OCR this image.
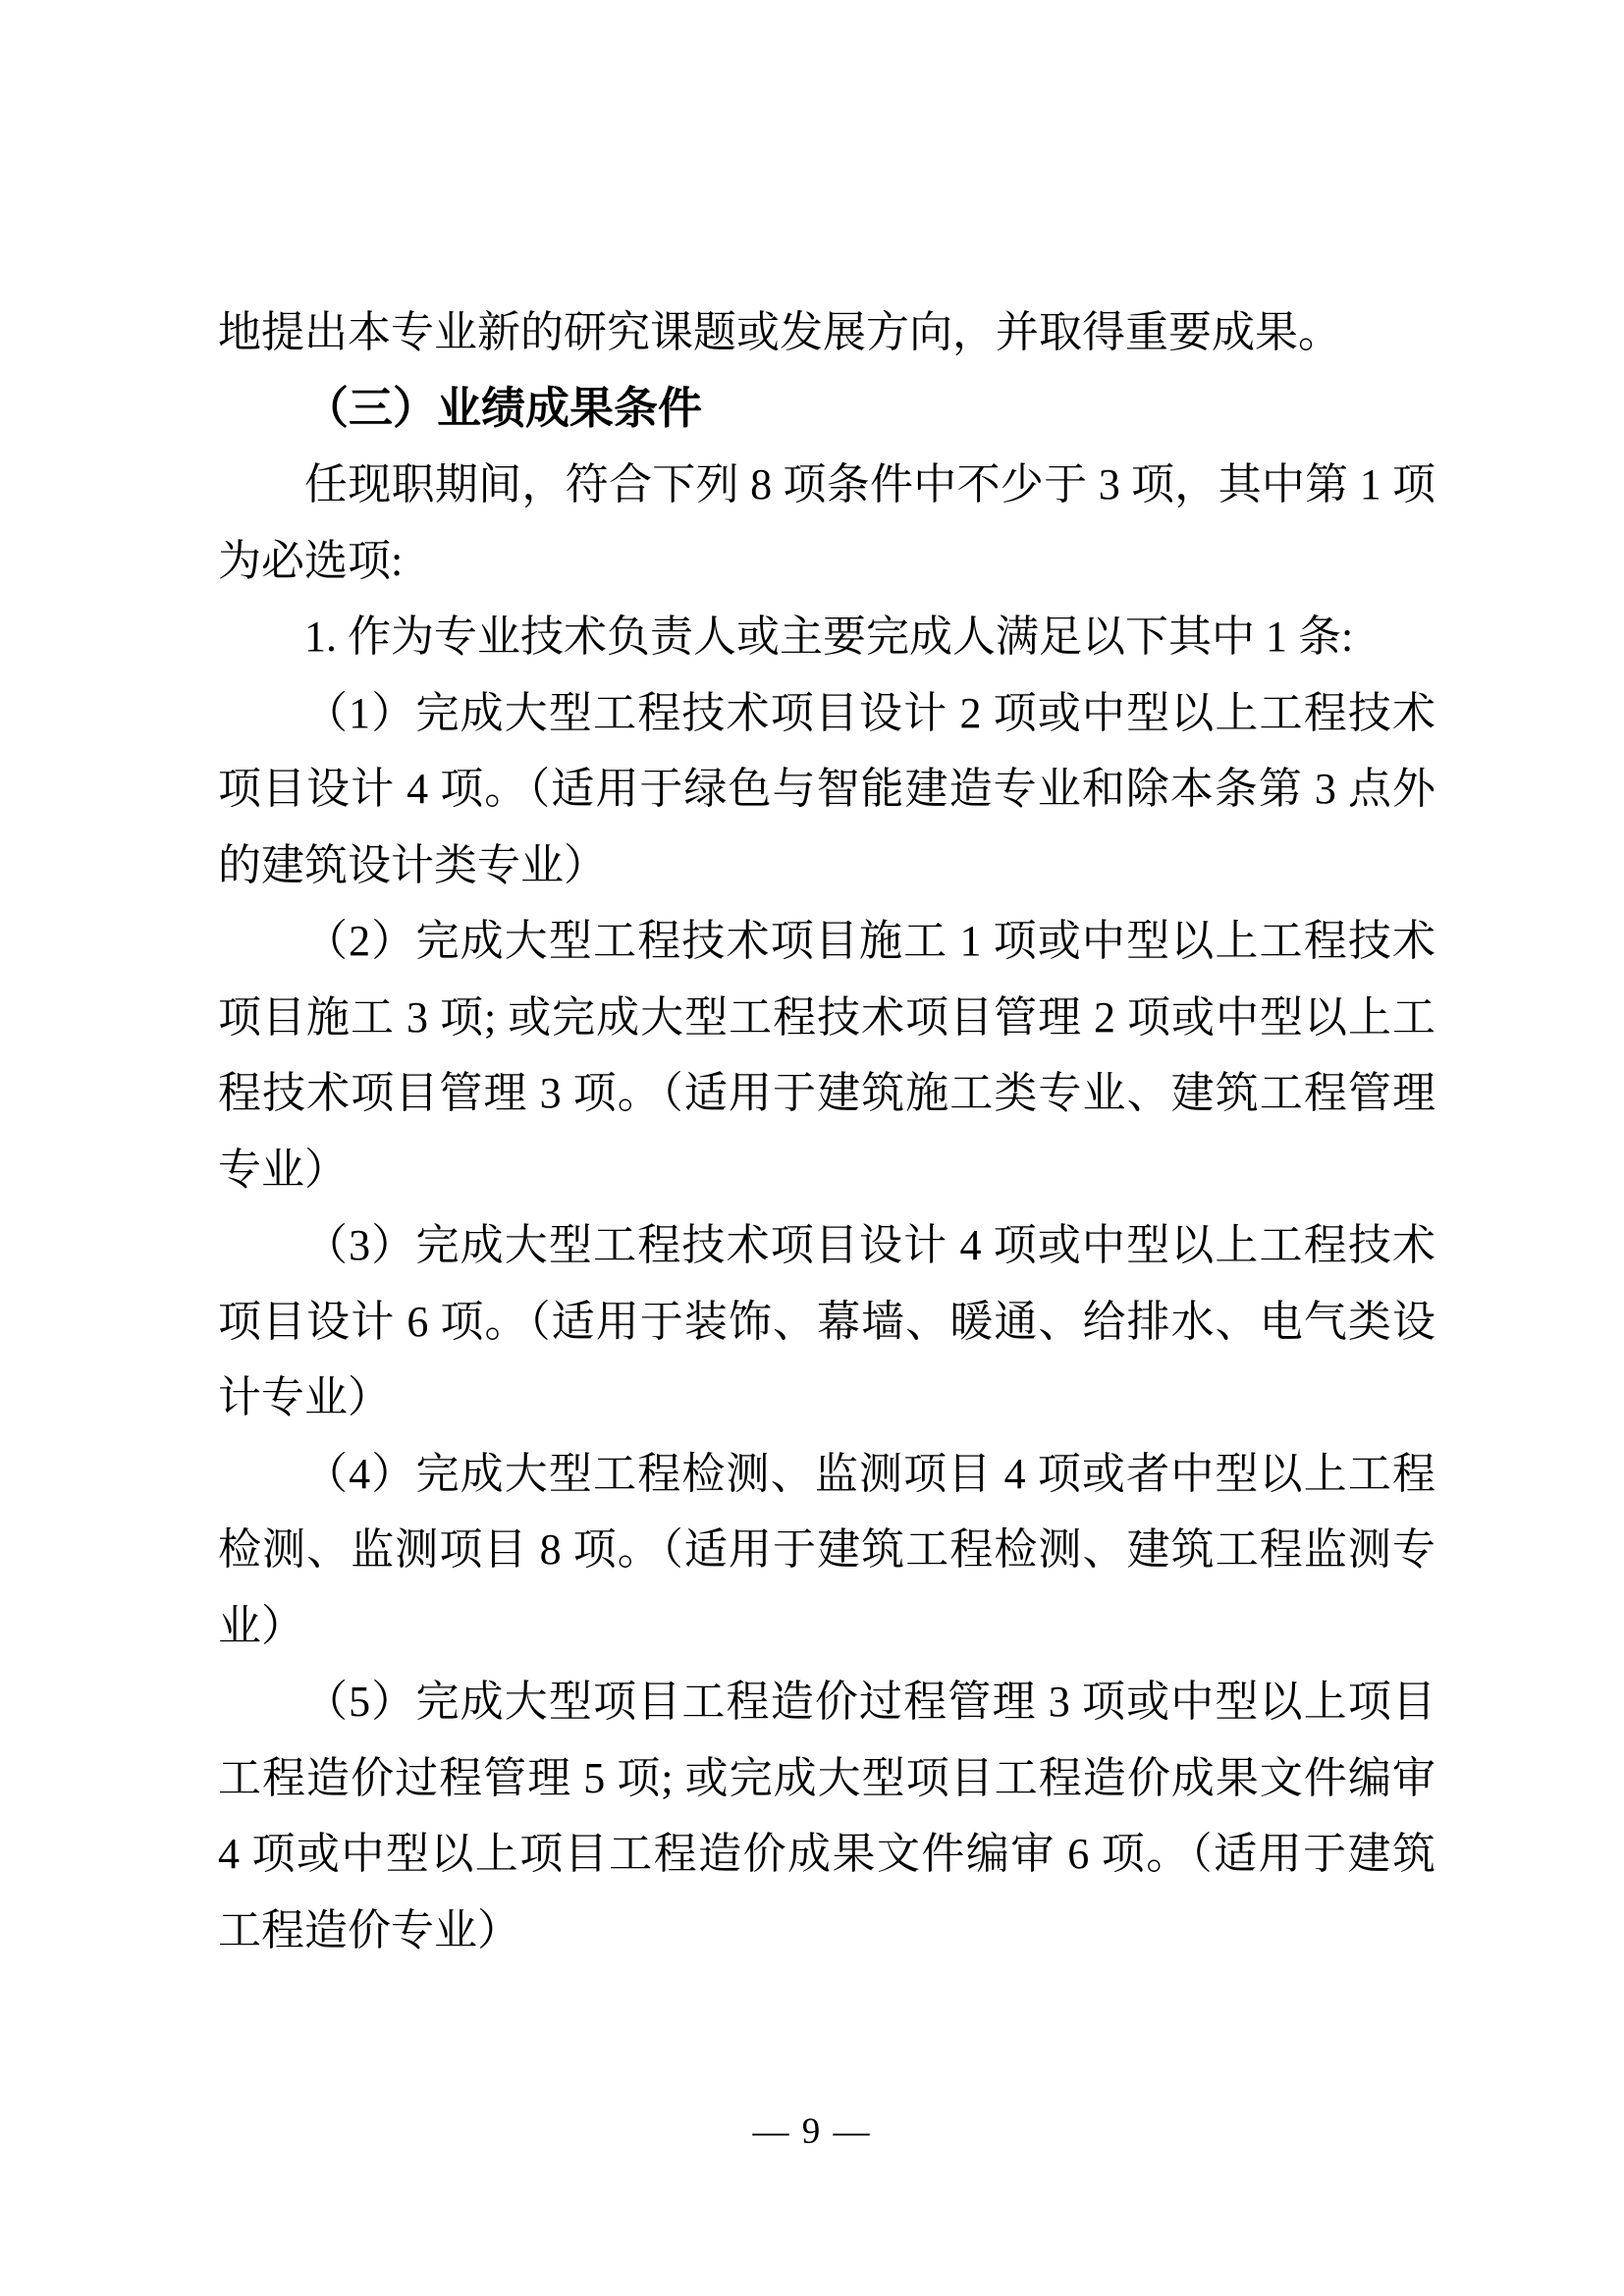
地提出本专业新的研究课题或发展方向，并取得重要成果。
（三）业绩成果条件
任现职期间，符合下列 8 项条件中不少于 3 项，其中第 1 项
为必选项:
1. 作为专业技术负责人或主要完成人满足以下其中 1 条:
（1）完成大型工程技术项目设计 2 项或中型以上工程技术
项目设计 4 项。（适用于绿色与智能建造专业和除本条第 3 点外
的建筑设计类专业）
（2）完成大型工程技术项目施工 1 项或中型以上工程技术
项目施工 3 项; 或完成大型工程技术项目管理 2 项或中型以上工
程技术项目管理 3 项。（适用于建筑施工类专业、建筑工程管理
专业）
（3）完成大型工程技术项目设计 4 项或中型以上工程技术
项目设计 6 项。（适用于装饰、幕墙、暖通、给排水、电气类设
计专业）
（4）完成大型工程检测、监测项目 4 项或者中型以上工程
检测、监测项目 8 项。（适用于建筑工程检测、建筑工程监测专
业）
（5）完成大型项目工程造价过程管理 3 项或中型以上项目
工程造价过程管理 5 项; 或完成大型项目工程造价成果文件编审
4 项或中型以上项目工程造价成果文件编审 6 项。（适用于建筑
工程造价专业）
— 9 —
